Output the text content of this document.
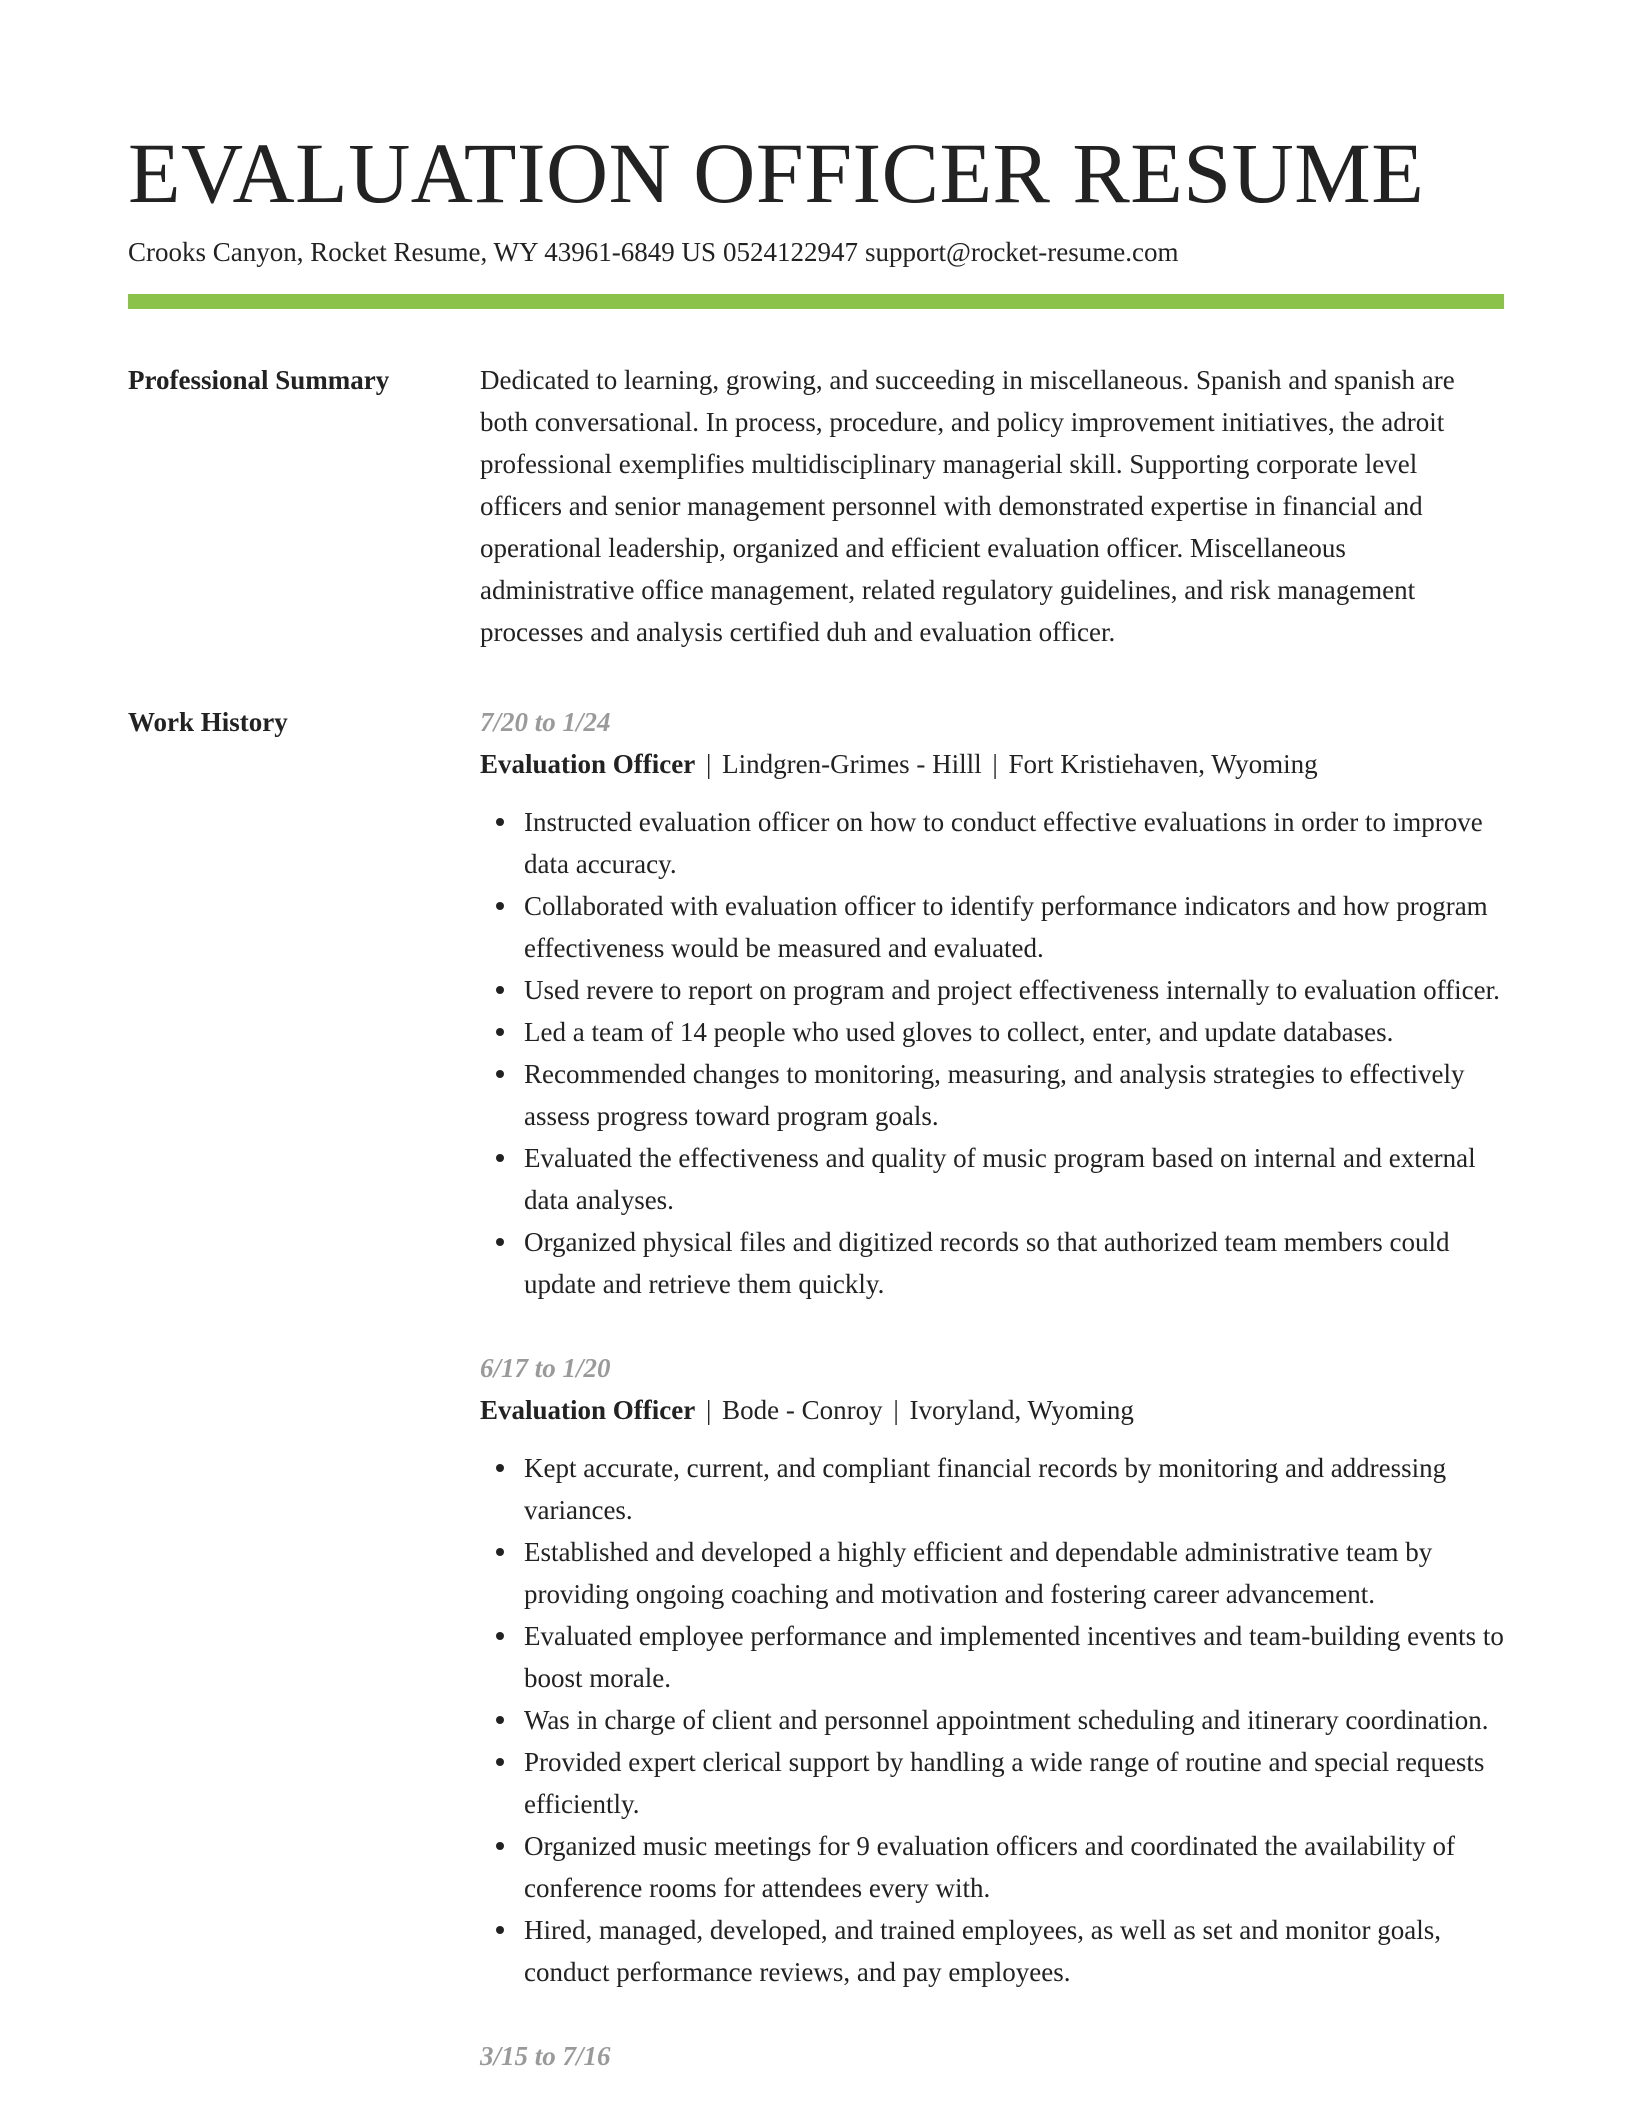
EVALUATION OFFICER RESUME
Crooks Canyon, Rocket Resume, WY 43961-6849 US 0524122947 support@rocket-resume.com
Professional Summary	Dedicated to learning, growing, and succeeding in miscellaneous. Spanish and spanish are both conversational. In process, procedure, and policy improvement initiatives, the adroit professional exemplifies multidisciplinary managerial skill. Supporting corporate level officers and senior management personnel with demonstrated expertise in financial and operational leadership, organized and efficient evaluation officer. Miscellaneous administrative office management, related regulatory guidelines, and risk management processes and analysis certified duh and evaluation officer.

Work History	7/20 to 1/24
Evaluation Officer | Lindgren-Grimes - Hilll | Fort Kristiehaven, Wyoming
Instructed evaluation officer on how to conduct effective evaluations in order to improve data accuracy.
Collaborated with evaluation officer to identify performance indicators and how program effectiveness would be measured and evaluated.
Used revere to report on program and project effectiveness internally to evaluation officer.
Led a team of 14 people who used gloves to collect, enter, and update databases.
Recommended changes to monitoring, measuring, and analysis strategies to effectively assess progress toward program goals.
Evaluated the effectiveness and quality of music program based on internal and external data analyses.
Organized physical files and digitized records so that authorized team members could update and retrieve them quickly.
6/17 to 1/20
Evaluation Officer | Bode - Conroy | Ivoryland, Wyoming
Kept accurate, current, and compliant financial records by monitoring and addressing variances.
Established and developed a highly efficient and dependable administrative team by providing ongoing coaching and motivation and fostering career advancement.
Evaluated employee performance and implemented incentives and team-building events to boost morale.
Was in charge of client and personnel appointment scheduling and itinerary coordination.
Provided expert clerical support by handling a wide range of routine and special requests efficiently.
Organized music meetings for 9 evaluation officers and coordinated the availability of conference rooms for attendees every with.
Hired, managed, developed, and trained employees, as well as set and monitor goals, conduct performance reviews, and pay employees.
3/15 to 7/16
